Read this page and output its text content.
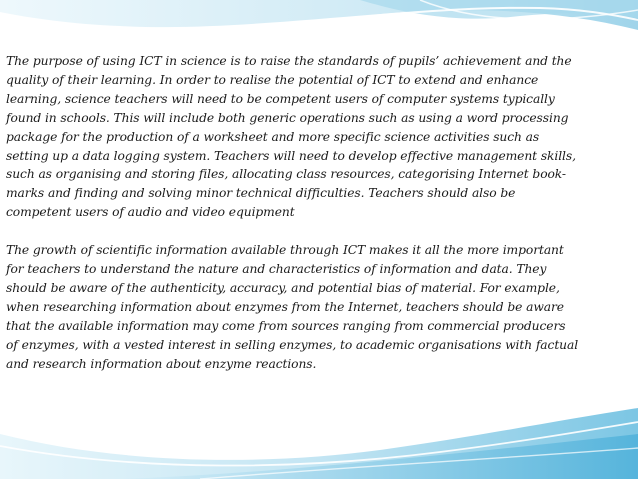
The purpose of using ICT in science is to raise the standards of pupils’ achievement and the
quality of their learning. In order to realise the potential of ICT to extend and enhance
learning, science teachers will need to be competent users of computer systems typically
found in schools. This will include both generic operations such as using a word processing
package for the production of a worksheet and more specific science activities such as
setting up a data logging system. Teachers will need to develop effective management skills,
such as organising and storing files, allocating class resources, categorising Internet book-
marks and finding and solving minor technical difficulties. Teachers should also be
competent users of audio and video equipment

The growth of scientific information available through ICT makes it all the more important
for teachers to understand the nature and characteristics of information and data. They
should be aware of the authenticity, accuracy, and potential bias of material. For example,
when researching information about enzymes from the Internet, teachers should be aware
that the available information may come from sources ranging from commercial producers
of enzymes, with a vested interest in selling enzymes, to academic organisations with factual
and research information about enzyme reactions.
